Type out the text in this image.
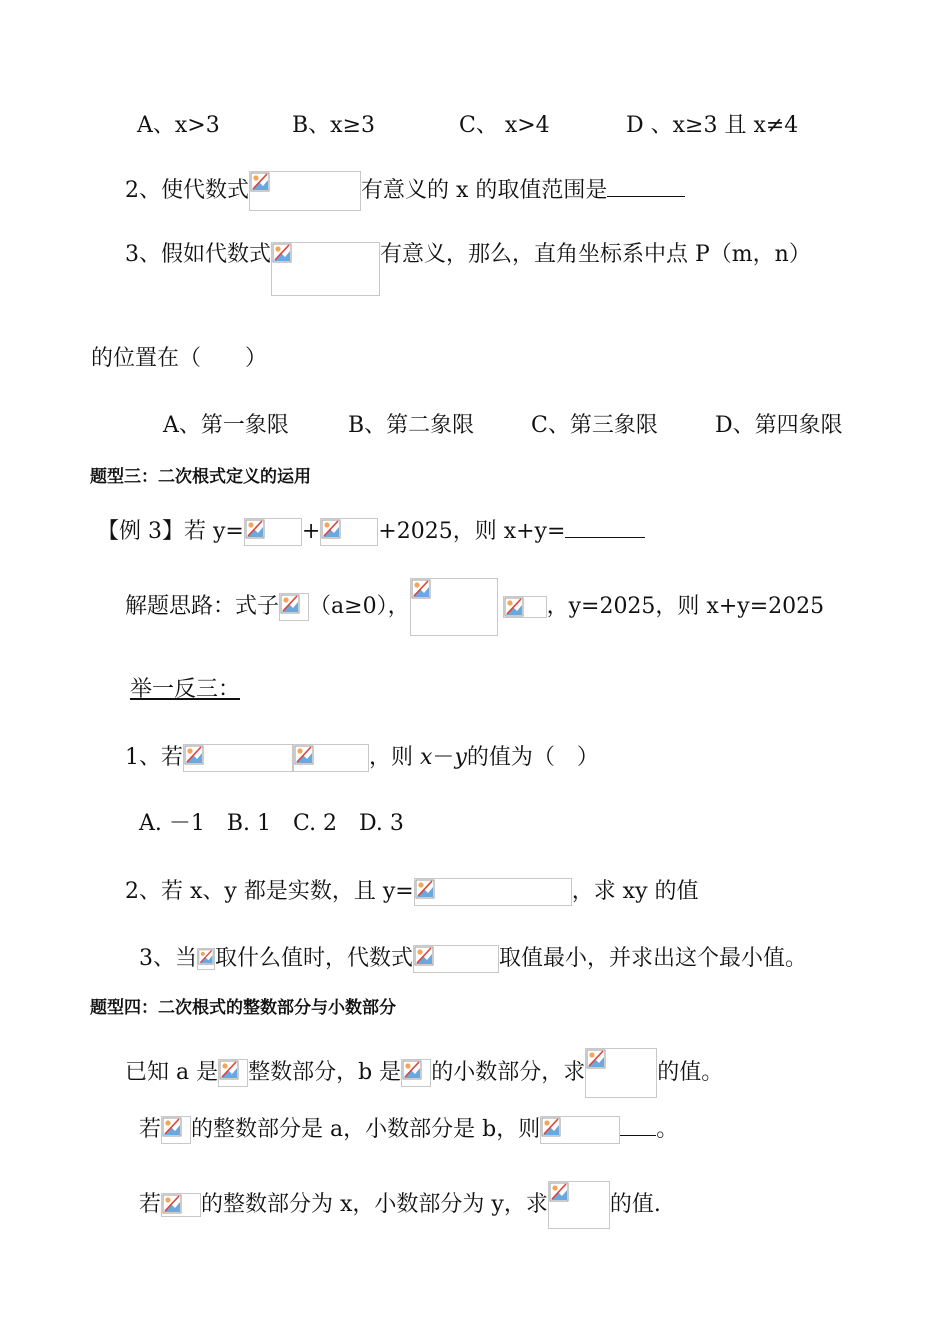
A、x>3	B、x≥3	C、 x>4	D 、x≥3 且 x≠4
2、使代数式	有意义的 x 的取值范围是
3、假如代数式	有意义，那么，直角坐标系中点 P（m，n）
的位置在（　　）
A、第一象限	B、第二象限	C、第三象限	D、第四象限
题型三：二次根式定义的运用
【例 3】若 y=	+	+2025，则 x+y=
解题思路：式子 （a≥0），	，y=2025，则 x+y=2025
举一反三：
1、若	，则 x－y的值为（　）
A. －1　B. 1　C. 2　D. 3
2、若 x、y 都是实数，且 y=	，求 xy 的值
3、当 取什么值时，代数式	取值最小，并求出这个最小值。
题型四：二次根式的整数部分与小数部分
已知 a 是 整数部分，b 是 的小数部分，求	的值。
若 的整数部分是 a，小数部分是 b，则	。
若 的整数部分为 x，小数部分为 y，求	的值.
